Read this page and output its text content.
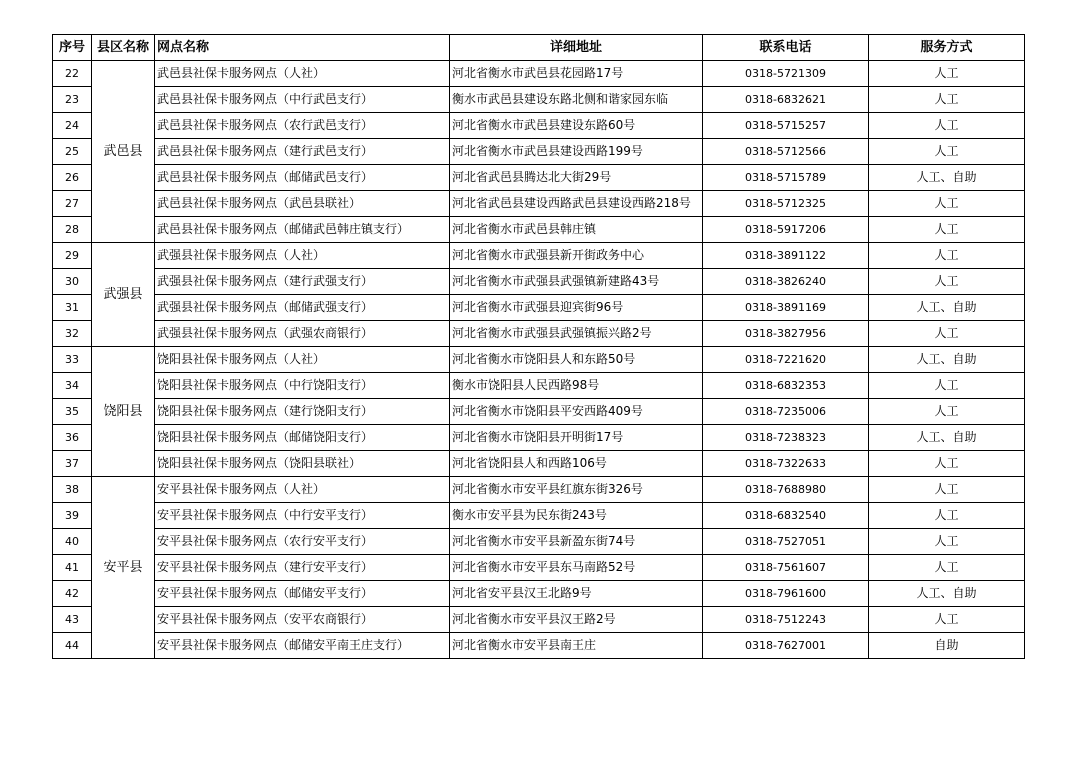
序号	县区名称	网点名称	详细地址	联系电话	服务方式
22	武邑县	武邑县社保卡服务网点（人社）	河北省衡水市武邑县花园路17号	0318-5721309	人工
23		武邑县社保卡服务网点（中行武邑支行）	衡水市武邑县建设东路北侧和谐家园东临	0318-6832621	人工
24		武邑县社保卡服务网点（农行武邑支行）	河北省衡水市武邑县建设东路60号	0318-5715257	人工
25		武邑县社保卡服务网点（建行武邑支行）	河北省衡水市武邑县建设西路199号	0318-5712566	人工
26		武邑县社保卡服务网点（邮储武邑支行）	河北省武邑县腾达北大街29号	0318-5715789	人工、自助
27		武邑县社保卡服务网点（武邑县联社）	河北省武邑县建设西路武邑县建设西路218号	0318-5712325	人工
28		武邑县社保卡服务网点（邮储武邑韩庄镇支行）	河北省衡水市武邑县韩庄镇	0318-5917206	人工
29	武强县	武强县社保卡服务网点（人社）	河北省衡水市武强县新开街政务中心	0318-3891122	人工
30		武强县社保卡服务网点（建行武强支行）	河北省衡水市武强县武强镇新建路43号	0318-3826240	人工
31		武强县社保卡服务网点（邮储武强支行）	河北省衡水市武强县迎宾街96号	0318-3891169	人工、自助
32		武强县社保卡服务网点（武强农商银行）	河北省衡水市武强县武强镇振兴路2号	0318-3827956	人工
33	饶阳县	饶阳县社保卡服务网点（人社）	河北省衡水市饶阳县人和东路50号	0318-7221620	人工、自助
34		饶阳县社保卡服务网点（中行饶阳支行）	衡水市饶阳县人民西路98号	0318-6832353	人工
35		饶阳县社保卡服务网点（建行饶阳支行）	河北省衡水市饶阳县平安西路409号	0318-7235006	人工
36		饶阳县社保卡服务网点（邮储饶阳支行）	河北省衡水市饶阳县开明街17号	0318-7238323	人工、自助
37		饶阳县社保卡服务网点（饶阳县联社）	河北省饶阳县人和西路106号	0318-7322633	人工
38	安平县	安平县社保卡服务网点（人社）	河北省衡水市安平县红旗东街326号	0318-7688980	人工
39		安平县社保卡服务网点（中行安平支行）	衡水市安平县为民东街243号	0318-6832540	人工
40		安平县社保卡服务网点（农行安平支行）	河北省衡水市安平县新盈东街74号	0318-7527051	人工
41		安平县社保卡服务网点（建行安平支行）	河北省衡水市安平县东马南路52号	0318-7561607	人工
42		安平县社保卡服务网点（邮储安平支行）	河北省安平县汉王北路9号	0318-7961600	人工、自助
43		安平县社保卡服务网点（安平农商银行）	河北省衡水市安平县汉王路2号	0318-7512243	人工
44		安平县社保卡服务网点（邮储安平南王庄支行）	河北省衡水市安平县南王庄	0318-7627001	自助
